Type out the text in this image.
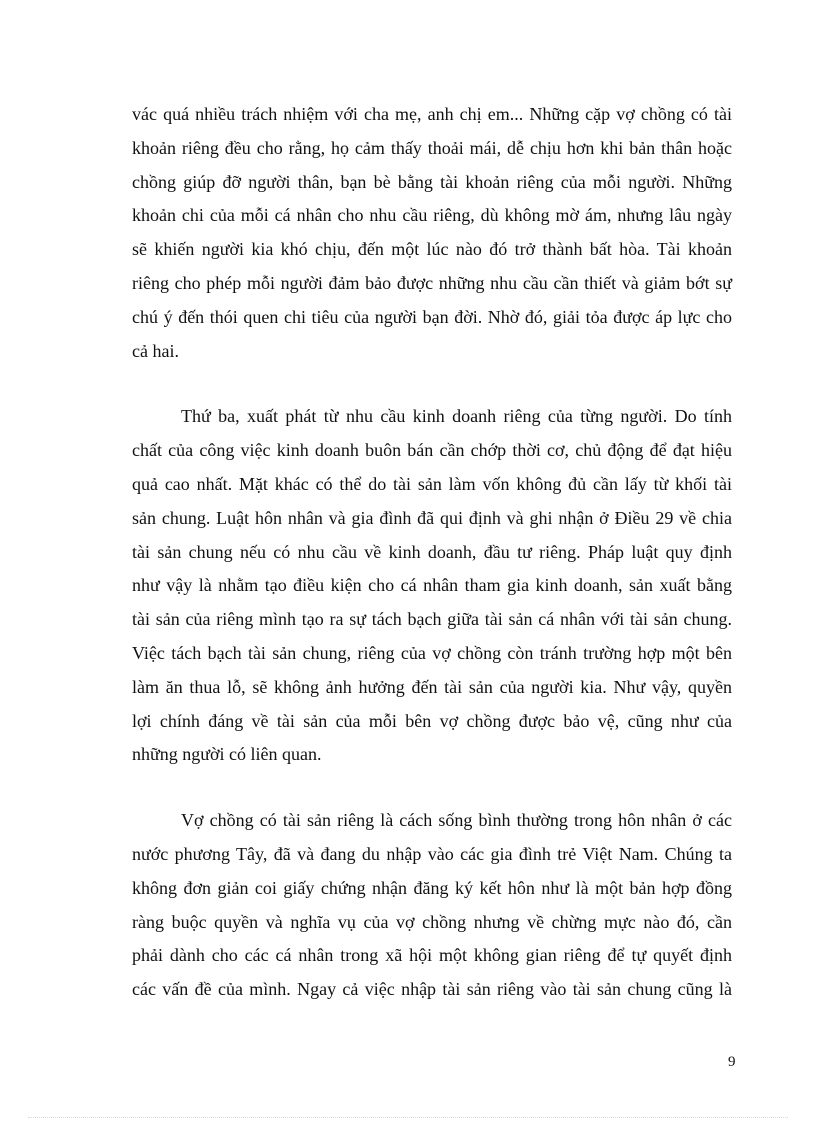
vác quá nhiều trách nhiệm với cha mẹ, anh chị em... Những cặp vợ chồng có tài
khoản riêng đều cho rằng, họ cảm thấy thoải mái, dễ chịu hơn khi bản thân hoặc
chồng giúp đỡ người thân, bạn bè bằng tài khoản riêng của mỗi người. Những
khoản chi của mỗi cá nhân cho nhu cầu riêng, dù không mờ ám, nhưng lâu ngày
sẽ khiến người kia khó chịu, đến một lúc nào đó trở thành bất hòa. Tài khoản
riêng cho phép mỗi người đảm bảo được những nhu cầu cần thiết và giảm bớt sự
chú ý đến thói quen chi tiêu của người bạn đời. Nhờ đó, giải tỏa được áp lực cho
cả hai.
Thứ ba, xuất phát từ nhu cầu kinh doanh riêng của từng người. Do tính
chất của công việc kinh doanh buôn bán cần chớp thời cơ, chủ động để đạt hiệu
quả cao nhất. Mặt khác có thể do tài sản làm vốn không đủ cần lấy từ khối tài
sản chung. Luật hôn nhân và gia đình đã qui định và ghi nhận ở Điều 29 về chia
tài sản chung nếu có nhu cầu về kinh doanh, đầu tư riêng. Pháp luật quy định
như vậy là nhằm tạo điều kiện cho cá nhân tham gia kinh doanh, sản xuất bằng
tài sản của riêng mình tạo ra sự tách bạch giữa tài sản cá nhân với tài sản chung.
Việc tách bạch tài sản chung, riêng của vợ chồng còn tránh trường hợp một bên
làm ăn thua lỗ, sẽ không ảnh hưởng đến tài sản của người kia. Như vậy, quyền
lợi chính đáng về tài sản của mỗi bên vợ chồng được bảo vệ, cũng như của
những người có liên quan.
Vợ chồng có tài sản riêng là cách sống bình thường trong hôn nhân ở các
nước phương Tây, đã và đang du nhập vào các gia đình trẻ Việt Nam. Chúng ta
không đơn giản coi giấy chứng nhận đăng ký kết hôn như là một bản hợp đồng
ràng buộc quyền và nghĩa vụ của vợ chồng nhưng về chừng mực nào đó, cần
phải dành cho các cá nhân trong xã hội một không gian riêng để tự quyết định
các vấn đề của mình. Ngay cả việc nhập tài sản riêng vào tài sản chung cũng là
9
